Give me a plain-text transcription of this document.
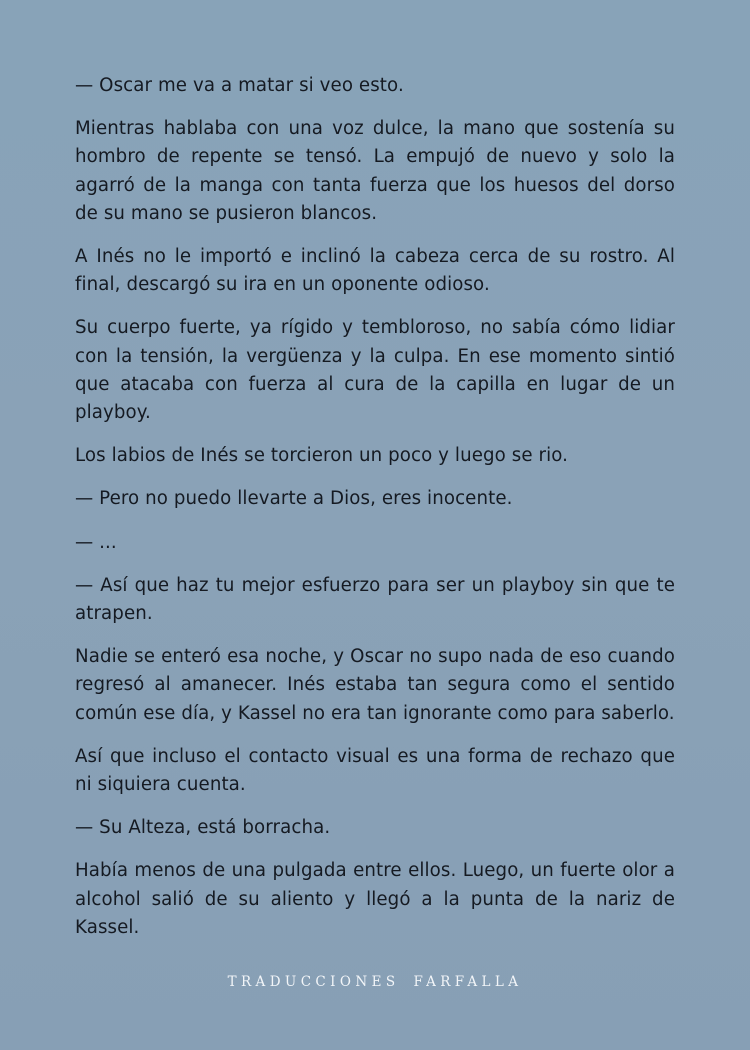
— Oscar me va a matar si veo esto.

Mientras hablaba con una voz dulce, la mano que sostenía su hombro de repente se tensó. La empujó de nuevo y solo la agarró de la manga con tanta fuerza que los huesos del dorso de su mano se pusieron blancos.

A Inés no le importó e inclinó la cabeza cerca de su rostro. Al final, descargó su ira en un oponente odioso.

Su cuerpo fuerte, ya rígido y tembloroso, no sabía cómo lidiar con la tensión, la vergüenza y la culpa. En ese momento sintió que atacaba con fuerza al cura de la capilla en lugar de un playboy.

Los labios de Inés se torcieron un poco y luego se rio.

— Pero no puedo llevarte a Dios, eres inocente.

— ...

— Así que haz tu mejor esfuerzo para ser un playboy sin que te atrapen.

Nadie se enteró esa noche, y Oscar no supo nada de eso cuando regresó al amanecer. Inés estaba tan segura como el sentido común ese día, y Kassel no era tan ignorante como para saberlo.

Así que incluso el contacto visual es una forma de rechazo que ni siquiera cuenta.

— Su Alteza, está borracha.

Había menos de una pulgada entre ellos. Luego, un fuerte olor a alcohol salió de su aliento y llegó a la punta de la nariz de Kassel.

TRADUCCIONES FARFALLA
